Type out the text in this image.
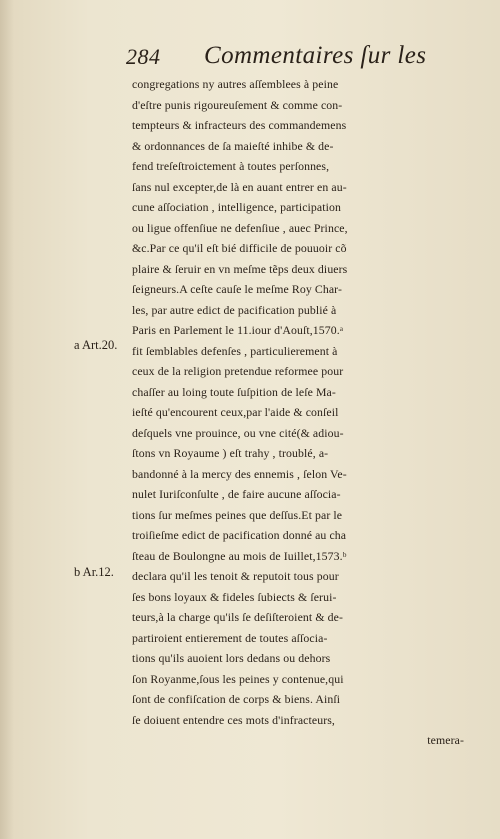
284 Commentaires ſur les
a Art.20.
b Ar.12.
congregations ny autres aſſemblees à peine
d'eſtre punis rigoureuſement & comme con-
tempteurs & infracteurs des commandemens
& ordonnances de ſa maieſté inhibe & de-
fend treſeſtroictement à toutes perſonnes,
ſans nul excepter,de là en auant entrer en au-
cune aſſociation , intelligence, participation
ou ligue offenſiue ne defenſiue , auec Prince,
&c.Par ce qu'il eſt bié difficile de pouuoir cõ
plaire & ſeruir en vn meſme tẽps deux diuers
ſeigneurs.A ceſte cauſe le meſme Roy Char-
les, par autre edict de pacification publié à
Paris en Parlement le 11.iour d'Aouſt,1570.ᵃ
fit ſemblables defenſes , particulierement à
ceux de la religion pretendue reformee pour
chaſſer au loing toute ſuſpition de leſe Ma-
ieſté qu'encourent ceux,par l'aide & conſeil
deſquels vne prouince, ou vne cité(& adiou-
ſtons vn Royaume ) eſt trahy , troublé, a-
bandonné à la mercy des ennemis , ſelon Ve-
nulet Iuriſconſulte , de faire aucune aſſocia-
tions ſur meſmes peines que deſſus.Et par le
troiſieſme edict de pacification donné au cha
ſteau de Boulongne au mois de Iuillet,1573.ᵇ
declara qu'il les tenoit & reputoit tous pour
ſes bons loyaux & fideles ſubiects & ſerui-
teurs,à la charge qu'ils ſe deſiſteroient & de-
partiroient entierement de toutes aſſocia-
tions qu'ils auoient lors dedans ou dehors
ſon Royanme,ſous les peines y contenue,qui
ſont de confiſcation de corps & biens. Ainſi
ſe doiuent entendre ces mots d'infracteurs,
temera-
